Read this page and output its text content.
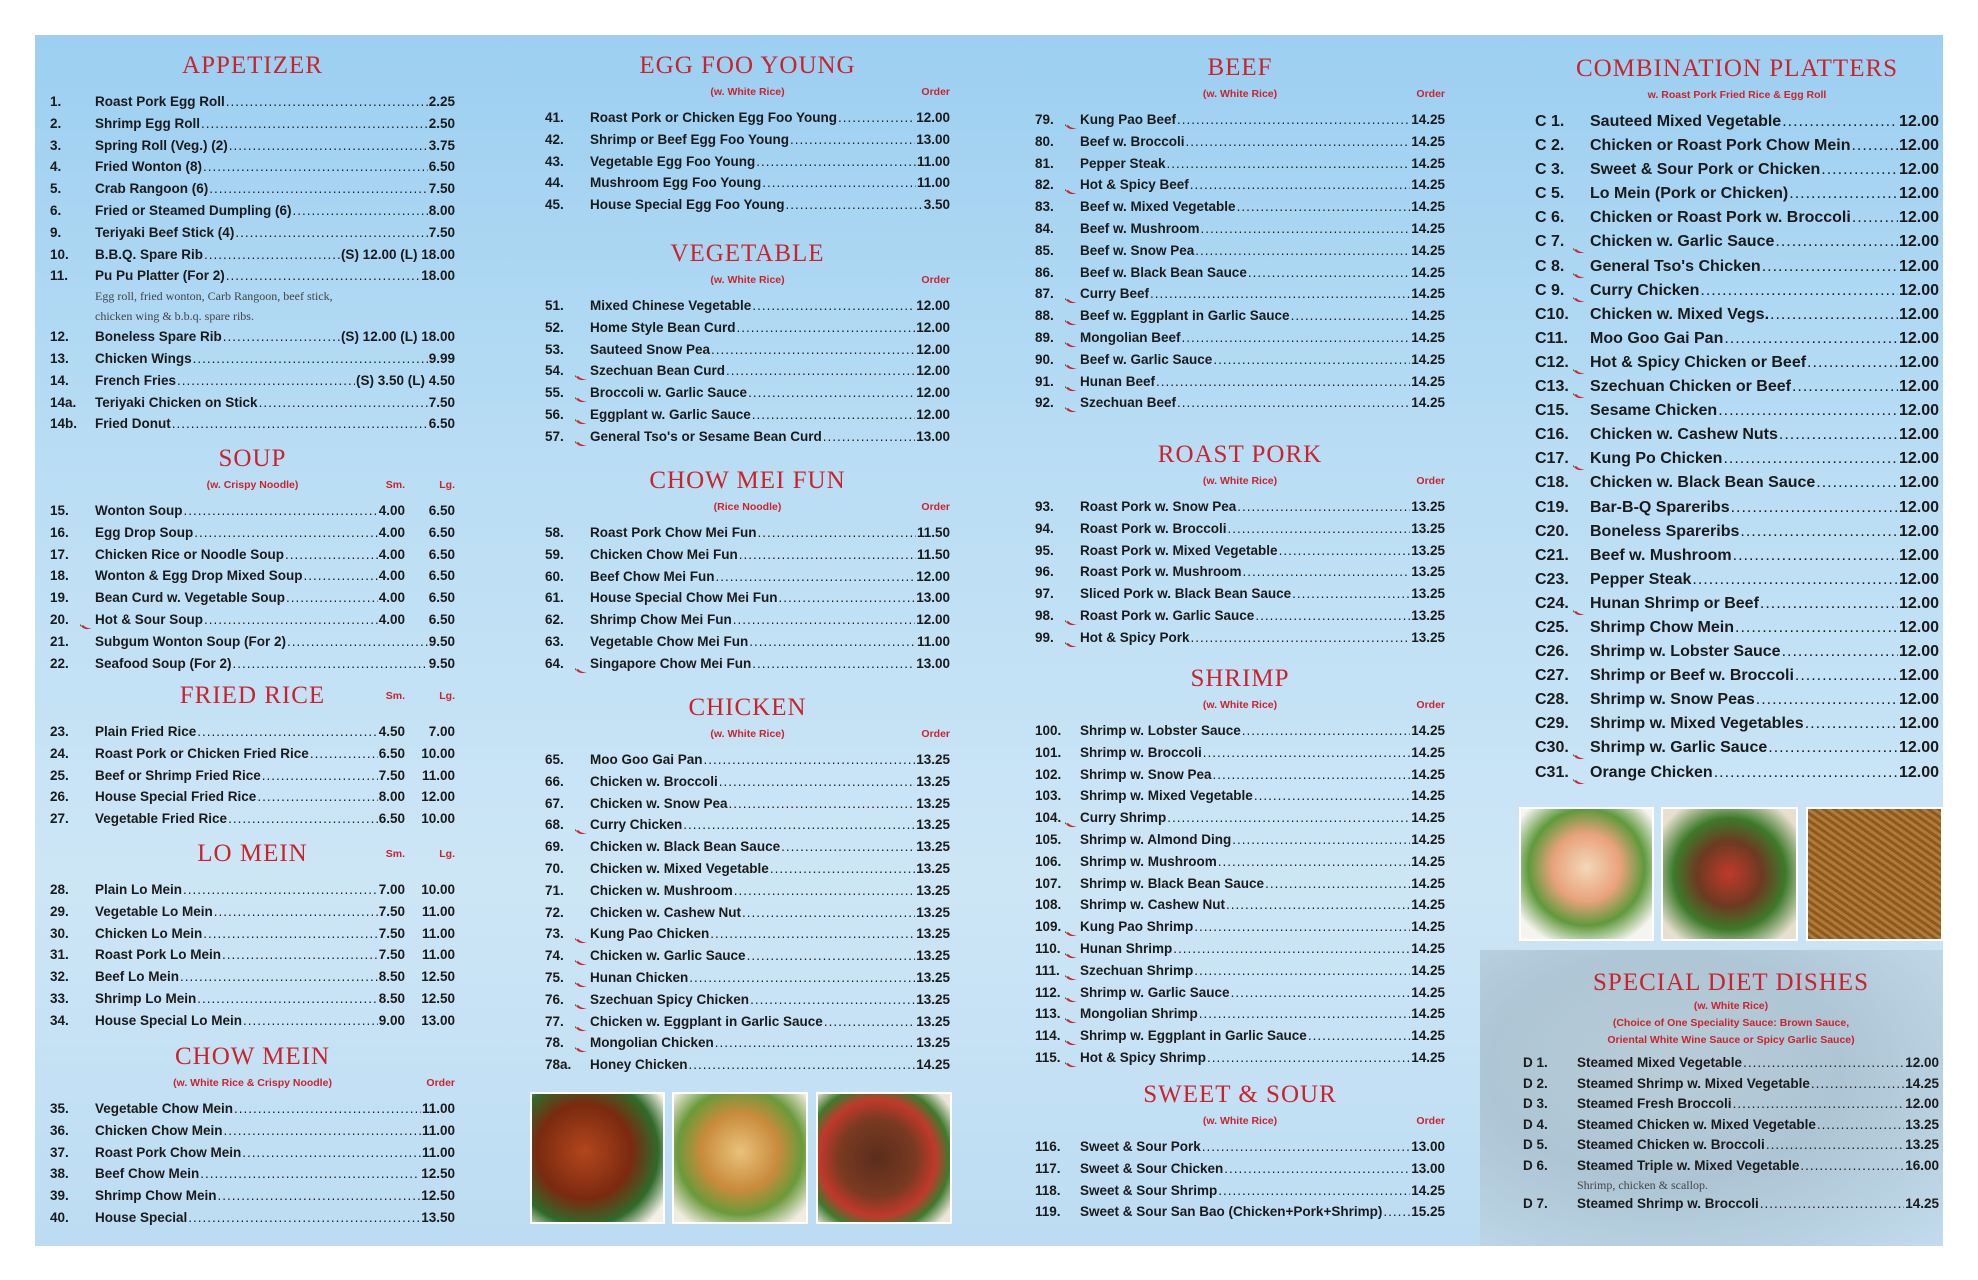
APPETIZER
1.	Roast Pork Egg Roll .....	2.25
2.	Shrimp Egg Roll .....	2.50
3.	Spring Roll (Veg.) (2) .....	3.75
4.	Fried Wonton (8) .....	6.50
5.	Crab Rangoon (6) .....	7.50
6.	Fried or Steamed Dumpling (6) .....	8.00
9.	Teriyaki Beef Stick (4) .....	7.50
10.	B.B.Q. Spare Rib .....	(S) 12.00 (L) 18.00
11.	Pu Pu Platter (For 2) .....	18.00
Egg roll, fried wonton, Carb Rangoon, beef stick,
chicken wing & b.b.q. spare ribs.
12.	Boneless Spare Rib .....	(S) 12.00 (L) 18.00
13.	Chicken Wings .....	9.99
14.	French Fries .....	(S) 3.50 (L) 4.50
14a.	Teriyaki Chicken on Stick .....	7.50
14b.	Fried Donut .....	6.50
SOUP
(w. Crispy Noodle)	Sm.	Lg.
15.	Wonton Soup .....	4.00	6.50
16.	Egg Drop Soup .....	4.00	6.50
17.	Chicken Rice or Noodle Soup .....	4.00	6.50
18.	Wonton & Egg Drop Mixed Soup .....	4.00	6.50
19.	Bean Curd w. Vegetable Soup .....	4.00	6.50
20.	Hot & Sour Soup .....	4.00	6.50
21.	Subgum Wonton Soup (For 2) .....	9.50
22.	Seafood Soup (For 2) .....	9.50
FRIED RICE	Sm.	Lg.
23.	Plain Fried Rice .....	4.50	7.00
24.	Roast Pork or Chicken Fried Rice .....	6.50	10.00
25.	Beef or Shrimp Fried Rice .....	7.50	11.00
26.	House Special Fried Rice .....	8.00	12.00
27.	Vegetable Fried Rice .....	6.50	10.00
LO MEIN	Sm.	Lg.
28.	Plain Lo Mein .....	7.00	10.00
29.	Vegetable Lo Mein .....	7.50	11.00
30.	Chicken Lo Mein .....	7.50	11.00
31.	Roast Pork Lo Mein .....	7.50	11.00
32.	Beef Lo Mein .....	8.50	12.50
33.	Shrimp Lo Mein .....	8.50	12.50
34.	House Special Lo Mein .....	9.00	13.00
CHOW MEIN
(w. White Rice & Crispy Noodle)	Order
35.	Vegetable Chow Mein .....	11.00
36.	Chicken Chow Mein .....	11.00
37.	Roast Pork Chow Mein .....	11.00
38.	Beef Chow Mein .....	12.50
39.	Shrimp Chow Mein .....	12.50
40.	House Special .....	13.50
EGG FOO YOUNG
(w. White Rice)	Order
41.	Roast Pork or Chicken Egg Foo Young .....	12.00
42.	Shrimp or Beef Egg Foo Young .....	13.00
43.	Vegetable Egg Foo Young .....	11.00
44.	Mushroom Egg Foo Young .....	11.00
45.	House Special Egg Foo Young .....	3.50
VEGETABLE
(w. White Rice)	Order
51.	Mixed Chinese Vegetable .....	12.00
52.	Home Style Bean Curd .....	12.00
53.	Sauteed Snow Pea .....	12.00
54.	Szechuan Bean Curd .....	12.00
55.	Broccoli w. Garlic Sauce .....	12.00
56.	Eggplant w. Garlic Sauce .....	12.00
57.	General Tso's or Sesame Bean Curd .....	13.00
CHOW MEI FUN
(Rice Noodle)	Order
58.	Roast Pork Chow Mei Fun .....	11.50
59.	Chicken Chow Mei Fun .....	11.50
60.	Beef Chow Mei Fun .....	12.00
61.	House Special Chow Mei Fun .....	13.00
62.	Shrimp Chow Mei Fun .....	12.00
63.	Vegetable Chow Mei Fun .....	11.00
64.	Singapore Chow Mei Fun .....	13.00
CHICKEN
(w. White Rice)	Order
65.	Moo Goo Gai Pan .....	13.25
66.	Chicken w. Broccoli .....	13.25
67.	Chicken w. Snow Pea .....	13.25
68.	Curry Chicken .....	13.25
69.	Chicken w. Black Bean Sauce .....	13.25
70.	Chicken w. Mixed Vegetable .....	13.25
71.	Chicken w. Mushroom .....	13.25
72.	Chicken w. Cashew Nut .....	13.25
73.	Kung Pao Chicken .....	13.25
74.	Chicken w. Garlic Sauce .....	13.25
75.	Hunan Chicken .....	13.25
76.	Szechuan Spicy Chicken .....	13.25
77.	Chicken w. Eggplant in Garlic Sauce .....	13.25
78.	Mongolian Chicken .....	13.25
78a.	Honey Chicken .....	14.25
BEEF
(w. White Rice)	Order
79.	Kung Pao Beef .....	14.25
80.	Beef w. Broccoli .....	14.25
81.	Pepper Steak .....	14.25
82.	Hot & Spicy Beef .....	14.25
83.	Beef w. Mixed Vegetable .....	14.25
84.	Beef w. Mushroom .....	14.25
85.	Beef w. Snow Pea .....	14.25
86.	Beef w. Black Bean Sauce .....	14.25
87.	Curry Beef .....	14.25
88.	Beef w. Eggplant in Garlic Sauce .....	14.25
89.	Mongolian Beef .....	14.25
90.	Beef w. Garlic Sauce .....	14.25
91.	Hunan Beef .....	14.25
92.	Szechuan Beef .....	14.25
ROAST PORK
(w. White Rice)	Order
93.	Roast Pork w. Snow Pea .....	13.25
94.	Roast Pork w. Broccoli .....	13.25
95.	Roast Pork w. Mixed Vegetable .....	13.25
96.	Roast Pork w. Mushroom .....	13.25
97.	Sliced Pork w. Black Bean Sauce .....	13.25
98.	Roast Pork w. Garlic Sauce .....	13.25
99.	Hot & Spicy Pork .....	13.25
SHRIMP
(w. White Rice)	Order
100.	Shrimp w. Lobster Sauce .....	14.25
101.	Shrimp w. Broccoli .....	14.25
102.	Shrimp w. Snow Pea .....	14.25
103.	Shrimp w. Mixed Vegetable .....	14.25
104.	Curry Shrimp .....	14.25
105.	Shrimp w. Almond Ding .....	14.25
106.	Shrimp w. Mushroom .....	14.25
107.	Shrimp w. Black Bean Sauce .....	14.25
108.	Shrimp w. Cashew Nut .....	14.25
109.	Kung Pao Shrimp .....	14.25
110.	Hunan Shrimp .....	14.25
111.	Szechuan Shrimp .....	14.25
112.	Shrimp w. Garlic Sauce .....	14.25
113.	Mongolian Shrimp .....	14.25
114.	Shrimp w. Eggplant in Garlic Sauce .....	14.25
115.	Hot & Spicy Shrimp .....	14.25
SWEET & SOUR
(w. White Rice)	Order
116.	Sweet & Sour Pork .....	13.00
117.	Sweet & Sour Chicken .....	13.00
118.	Sweet & Sour Shrimp .....	14.25
119.	Sweet & Sour San Bao (Chicken+Pork+Shrimp) ..... 15.25
COMBINATION PLATTERS
w. Roast Pork Fried Rice & Egg Roll
C 1.	Sauteed Mixed Vegetable .....	12.00
C 2.	Chicken or Roast Pork Chow Mein .....	12.00
C 3.	Sweet & Sour Pork or Chicken .....	12.00
C 5.	Lo Mein (Pork or Chicken) .....	12.00
C 6.	Chicken or Roast Pork w. Broccoli .....	12.00
C 7.	Chicken w. Garlic Sauce .....	12.00
C 8.	General Tso's Chicken .....	12.00
C 9.	Curry Chicken .....	12.00
C10.	Chicken w. Mixed Vegs. .....	12.00
C11.	Moo Goo Gai Pan .....	12.00
C12.	Hot & Spicy Chicken or Beef .....	12.00
C13.	Szechuan Chicken or Beef .....	12.00
C15.	Sesame Chicken .....	12.00
C16.	Chicken w. Cashew Nuts .....	12.00
C17.	Kung Po Chicken .....	12.00
C18.	Chicken w. Black Bean Sauce .....	12.00
C19.	Bar-B-Q Spareribs .....	12.00
C20.	Boneless Spareribs .....	12.00
C21.	Beef w. Mushroom .....	12.00
C23.	Pepper Steak .....	12.00
C24.	Hunan Shrimp or Beef .....	12.00
C25.	Shrimp Chow Mein .....	12.00
C26.	Shrimp w. Lobster Sauce .....	12.00
C27.	Shrimp or Beef w. Broccoli .....	12.00
C28.	Shrimp w. Snow Peas .....	12.00
C29.	Shrimp w. Mixed Vegetables .....	12.00
C30.	Shrimp w. Garlic Sauce .....	12.00
C31.	Orange Chicken .....	12.00
SPECIAL DIET DISHES
(w. White Rice)
(Choice of One Speciality Sauce: Brown Sauce,
Oriental White Wine Sauce or Spicy Garlic Sauce)
D 1.	Steamed Mixed Vegetable .....	12.00
D 2.	Steamed Shrimp w. Mixed Vegetable .....	14.25
D 3.	Steamed Fresh Broccoli .....	12.00
D 4.	Steamed Chicken w. Mixed Vegetable .....	13.25
D 5.	Steamed Chicken w. Broccoli .....	13.25
D 6.	Steamed Triple w. Mixed Vegetable .....	16.00
Shrimp, chicken & scallop.
D 7.	Steamed Shrimp w. Broccoli .....	14.25
